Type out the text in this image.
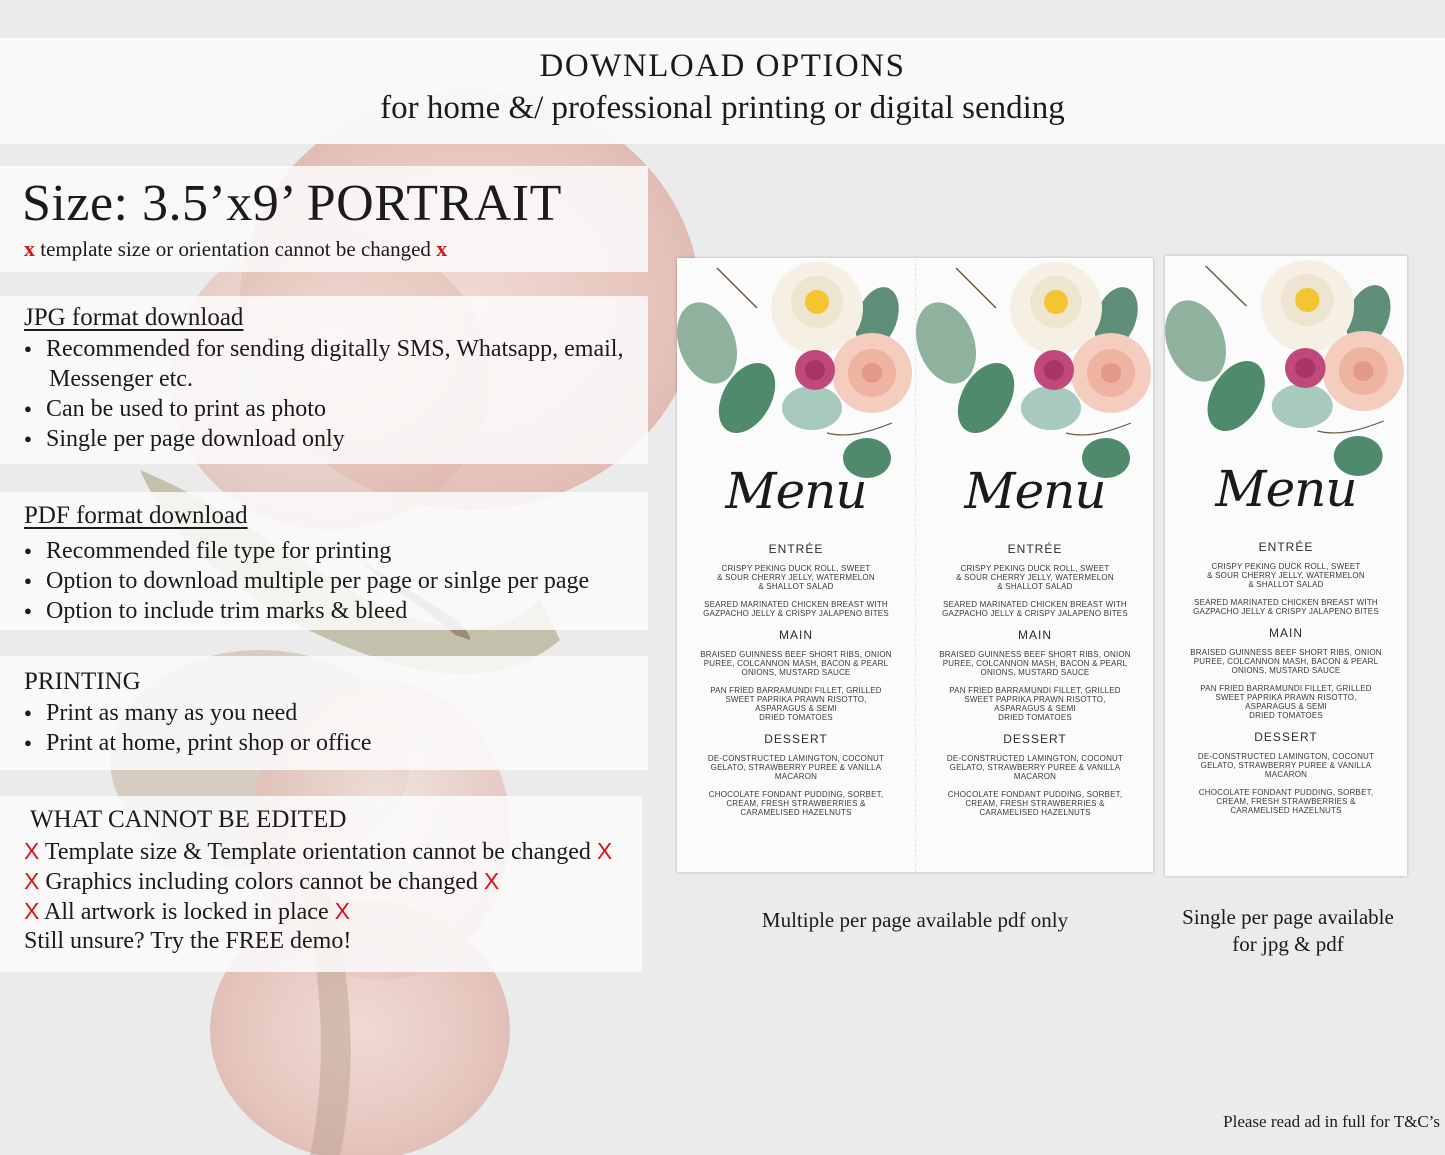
DOWNLOAD OPTIONS
for home &/ professional printing or digital sending
Size: 3.5’x9’ PORTRAIT
x template size or orientation cannot be changed x
JPG format download
● Recommended for sending digitally SMS, Whatsapp, email,
Messenger etc.
● Can be used to print as photo
● Single per page download only
PDF format download
● Recommended file type for printing
● Option to download multiple per page or sinlge per page
● Option to include trim marks & bleed
PRINTING
● Print as many as you need
● Print at home, print shop or office
WHAT CANNOT BE EDITED
X Template size & Template orientation cannot be changed X
X Graphics including colors cannot be changed X
X All artwork is locked in place X
Still unsure? Try the FREE demo!
Menu
ENTRÉE
CRISPY PEKING DUCK ROLL, SWEET
& SOUR CHERRY JELLY, WATERMELON
& SHALLOT SALAD
SEARED MARINATED CHICKEN BREAST WITH
GAZPACHO JELLY & CRISPY JALAPENO BITES
MAIN
BRAISED GUINNESS BEEF SHORT RIBS, ONION
PUREE, COLCANNON MASH, BACON & PEARL
ONIONS, MUSTARD SAUCE
PAN FRIED BARRAMUNDI FILLET, GRILLED
SWEET PAPRIKA PRAWN RISOTTO,
ASPARAGUS & SEMI
DRIED TOMATOES
DESSERT
DE-CONSTRUCTED LAMINGTON, COCONUT
GELATO, STRAWBERRY PUREE & VANILLA
MACARON
CHOCOLATE FONDANT PUDDING, SORBET,
CREAM, FRESH STRAWBERRIES &
CARAMELISED HAZELNUTS
Menu
ENTRÉE
CRISPY PEKING DUCK ROLL, SWEET
& SOUR CHERRY JELLY, WATERMELON
& SHALLOT SALAD
SEARED MARINATED CHICKEN BREAST WITH
GAZPACHO JELLY & CRISPY JALAPENO BITES
MAIN
BRAISED GUINNESS BEEF SHORT RIBS, ONION
PUREE, COLCANNON MASH, BACON & PEARL
ONIONS, MUSTARD SAUCE
PAN FRIED BARRAMUNDI FILLET, GRILLED
SWEET PAPRIKA PRAWN RISOTTO,
ASPARAGUS & SEMI
DRIED TOMATOES
DESSERT
DE-CONSTRUCTED LAMINGTON, COCONUT
GELATO, STRAWBERRY PUREE & VANILLA
MACARON
CHOCOLATE FONDANT PUDDING, SORBET,
CREAM, FRESH STRAWBERRIES &
CARAMELISED HAZELNUTS
Menu
ENTRÉE
CRISPY PEKING DUCK ROLL, SWEET
& SOUR CHERRY JELLY, WATERMELON
& SHALLOT SALAD
SEARED MARINATED CHICKEN BREAST WITH
GAZPACHO JELLY & CRISPY JALAPENO BITES
MAIN
BRAISED GUINNESS BEEF SHORT RIBS, ONION
PUREE, COLCANNON MASH, BACON & PEARL
ONIONS, MUSTARD SAUCE
PAN FRIED BARRAMUNDI FILLET, GRILLED
SWEET PAPRIKA PRAWN RISOTTO,
ASPARAGUS & SEMI
DRIED TOMATOES
DESSERT
DE-CONSTRUCTED LAMINGTON, COCONUT
GELATO, STRAWBERRY PUREE & VANILLA
MACARON
CHOCOLATE FONDANT PUDDING, SORBET,
CREAM, FRESH STRAWBERRIES &
CARAMELISED HAZELNUTS
Multiple per page available pdf only	Single per page available
for jpg & pdf
Please read ad in full for T&C’s
